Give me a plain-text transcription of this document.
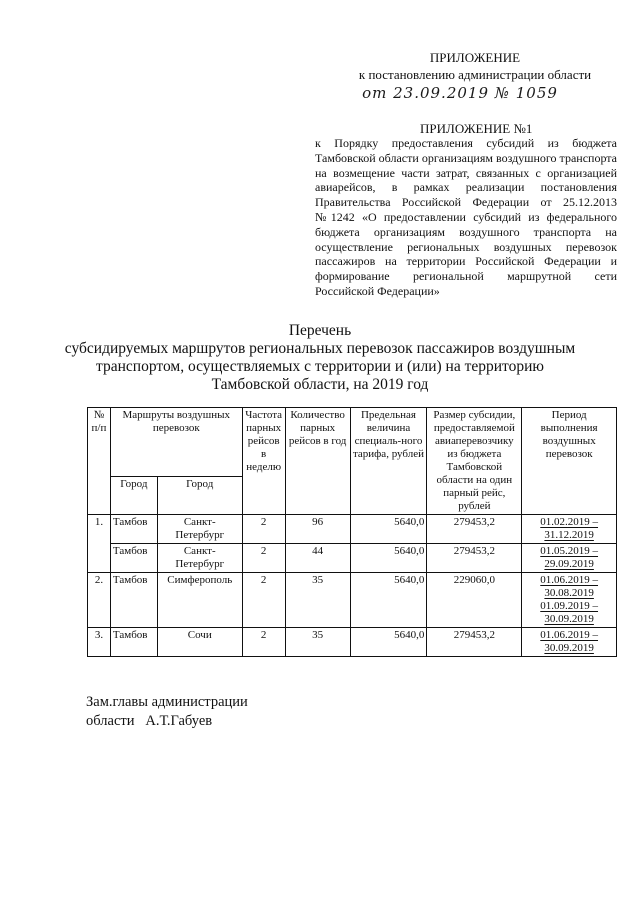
ПРИЛОЖЕНИЕ
к постановлению администрации области
от 23.09.2019 № 1059
ПРИЛОЖЕНИЕ №1
к Порядку предоставления субсидий из бюджета Тамбовской области организациям воздушного транспорта на возмещение части затрат, связанных с организацией авиарейсов, в рамках реализации постановления Правительства Российской Федерации от 25.12.2013 №1242 «О предоставлении субсидий из федерального бюджета организациям воздушного транспорта на осуществление региональных воздушных перевозок пассажиров на территории Российской Федерации и формирование региональной маршрутной сети Российской Федерации»
Перечень
субсидируемых маршрутов региональных перевозок пассажиров воздушным транспортом, осуществляемых с территории и (или) на территорию Тамбовской области, на 2019 год
№ п/п	Маршруты воздушных перевозок		Частота парных рейсов в неделю	Количество парных рейсов в год	Предельная величина специаль-ного тарифа, рублей	Размер субсидии, предоставляемой авиаперевозчику из бюджета Тамбовской области на один парный рейс, рублей	Период выполнения воздушных перевозок
	Город	Город					
1.	Тамбов	Санкт-Петербург	2	96	5640,0	279453,2	01.02.2019 –
31.12.2019

	Тамбов	Санкт-Петербург	2	44	5640,0	279453,2	01.05.2019 –
29.09.2019

2.	Тамбов	Симферополь	2	35	5640,0	229060,0	01.06.2019 –
30.08.2019
01.09.2019 –
30.09.2019

3.	Тамбов	Сочи	2	35	5640,0	279453,2	01.06.2019 –
30.09.2019
Зам.главы администрации
области   А.Т.Габуев
